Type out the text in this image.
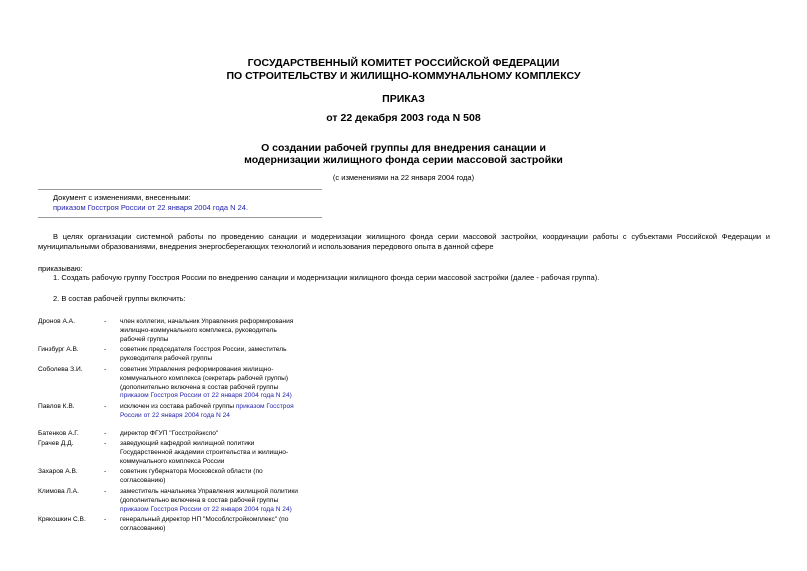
ГОСУДАРСТВЕННЫЙ КОМИТЕТ РОССИЙСКОЙ ФЕДЕРАЦИИ
ПО СТРОИТЕЛЬСТВУ И ЖИЛИЩНО-КОММУНАЛЬНОМУ КОМПЛЕКСУ
ПРИКАЗ
от 22 декабря 2003 года N 508
О создании рабочей группы для внедрения санации и
модернизации жилищного фонда серии массовой застройки
(с изменениями на 22 января 2004 года)
Документ с изменениями, внесенными:
приказом Госстроя России от 22 января 2004 года N 24.
В целях организации системной работы по проведению санации и модернизации жилищного фонда серии массовой застройки, координации работы с субъектами Российской Федерации и муниципальными образованиями, внедрения энергосберегающих технологий и использования передового опыта в данной сфере
приказываю:
1. Создать рабочую группу Госстроя России по внедрению санации и модернизации жилищного фонда серии массовой застройки (далее - рабочая группа).
2. В состав рабочей группы включить:
Дронов А.А.	- член коллегии, начальник Управления реформирования
жилищно-коммунального комплекса, руководитель
рабочей группы
Гинзбург А.В.	- советник председателя Госстроя России, заместитель
руководителя рабочей группы
Соболева З.И.	- советник Управления реформирования жилищно-
коммунального комплекса (секретарь рабочей группы)
(дополнительно включена в состав рабочей группы
приказом Госстроя России от 22 января 2004 года N 24)
Павлов К.В.	- исключен из состава рабочей группы приказом Госстроя
России от 22 января 2004 года N 24
Батенков А.Г.	- директор ФГУП "Госстройэкспо"
Грачев Д.Д.	- заведующий кафедрой жилищной политики
Государственной академии строительства и жилищно-
коммунального комплекса России
Захаров А.В.	- советник губернатора Московской области (по
согласованию)
Климова Л.А.	- заместитель начальника Управления жилищной политики
(дополнительно включена в состав рабочей группы
приказом Госстроя России от 22 января 2004 года N 24)
Крякошкин С.В.	- генеральный директор НП "Мособлстройкомплекс" (по
согласованию)
